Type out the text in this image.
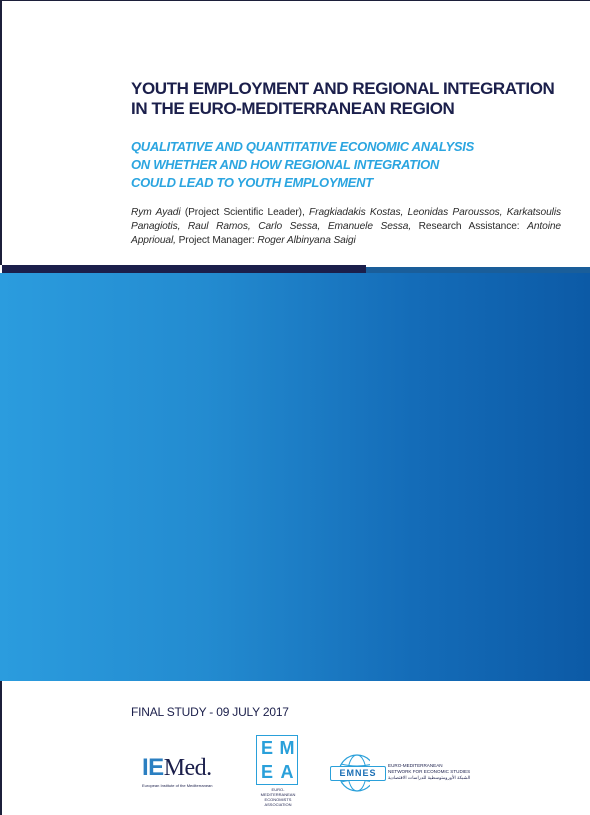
YOUTH EMPLOYMENT AND REGIONAL INTEGRATION
IN THE EURO-MEDITERRANEAN REGION
QUALITATIVE AND QUANTITATIVE ECONOMIC ANALYSIS
ON WHETHER AND HOW REGIONAL INTEGRATION
COULD LEAD TO YOUTH EMPLOYMENT
Rym Ayadi (Project Scientific Leader), Fragkiadakis Kostas, Leonidas Paroussos, Karkatsoulis Panagiotis, Raul Ramos, Carlo Sessa, Emanuele Sessa, Research Assistance: Antoine Apprioual, Project Manager: Roger Albinyana Saigi
FINAL STUDY - 09 JULY 2017
IEMed.
European Institute of the Mediterranean
E M
E A
EURO-MEDITERRANEAN
ECONOMISTS ASSOCIATION
EMNES
EURO-MEDITERRANEAN
NETWORK FOR ECONOMIC STUDIES
الشبكة الأورومتوسطية للدراسات الاقتصادية
